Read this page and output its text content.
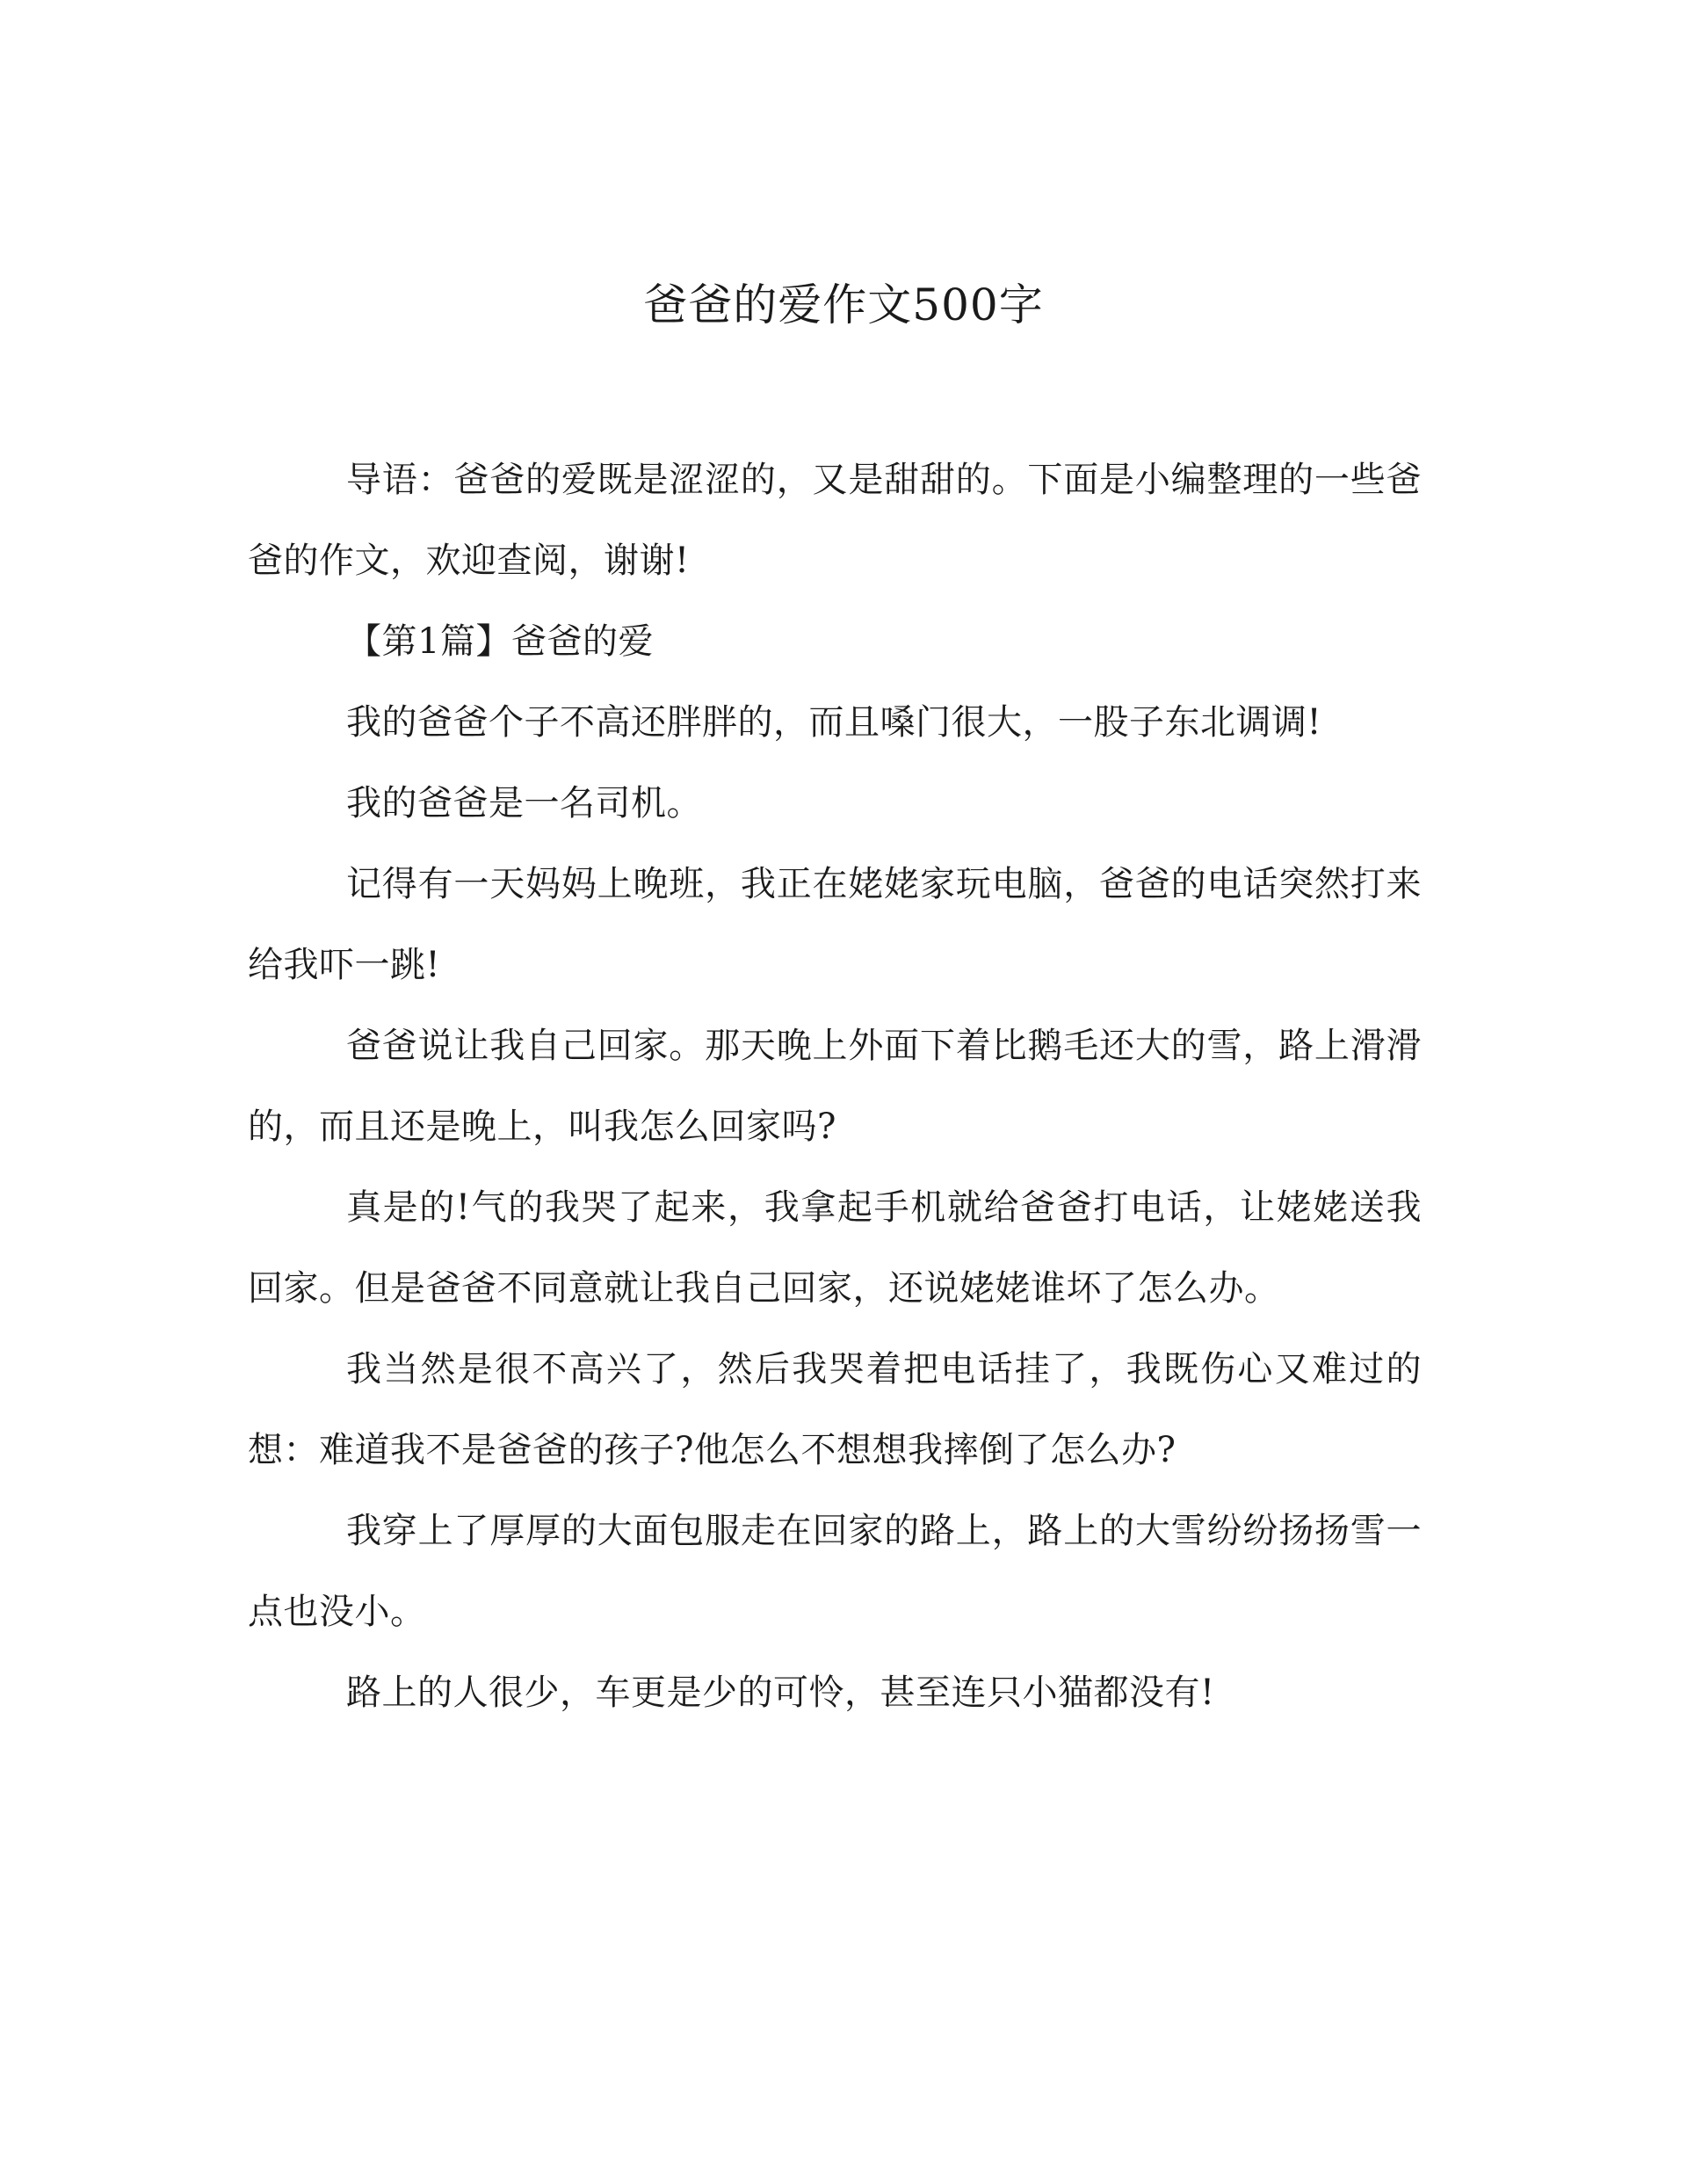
爸爸的爱作文500字

导语：爸爸的爱既是涩涩的，又是甜甜的。下面是小编整理的一些爸爸的作文，欢迎查阅，谢谢!

【第1篇】爸爸的爱

我的爸爸个子不高还胖胖的，而且嗓门很大，一股子东北调调!

我的爸爸是一名司机。

记得有一天妈妈上晚班，我正在姥姥家玩电脑，爸爸的电话突然打来给我吓一跳!

爸爸说让我自己回家。那天晚上外面下着比鹅毛还大的雪，路上滑滑的，而且还是晚上，叫我怎么回家吗?

真是的!气的我哭了起来，我拿起手机就给爸爸打电话，让姥姥送我回家。但是爸爸不同意就让我自己回家，还说姥姥谁坏了怎么办。

我当然是很不高兴了，然后我哭着把电话挂了，我既伤心又难过的想：难道我不是爸爸的孩子?他怎么不想想我摔倒了怎么办?

我穿上了厚厚的大面包服走在回家的路上，路上的大雪纷纷扬扬雪一点也没小。

路上的人很少，车更是少的可怜，甚至连只小猫都没有!
